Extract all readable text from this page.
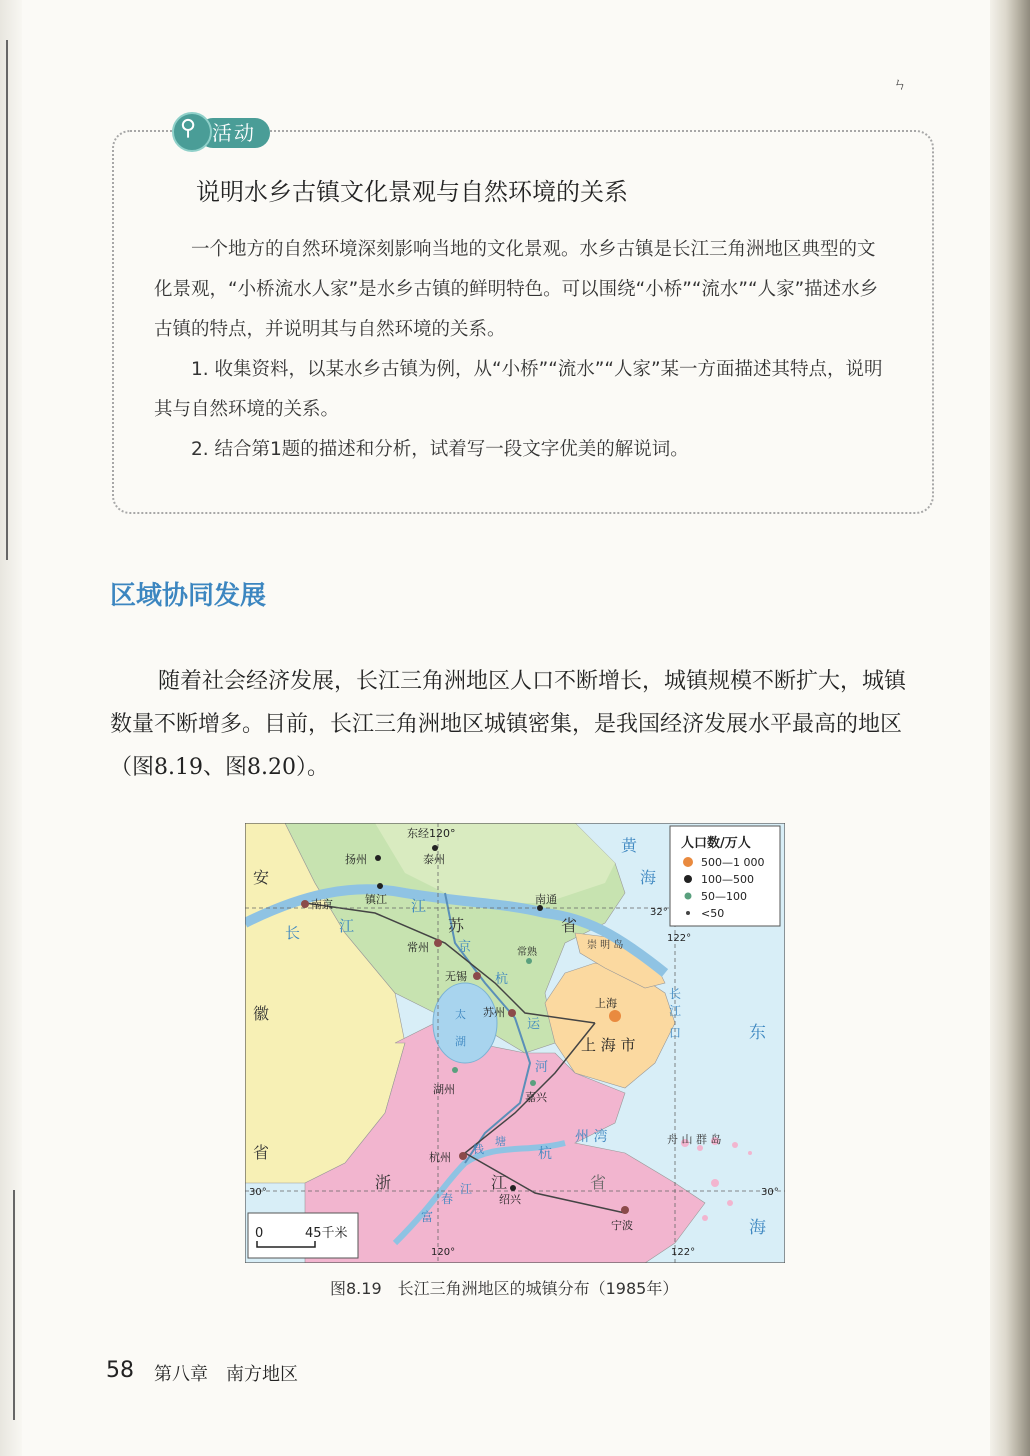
ㄣ
活动
⚲
说明水乡古镇文化景观与自然环境的关系
一个地方的自然环境深刻影响当地的文化景观。水乡古镇是长江三角洲地区典型的文化景观，“小桥流水人家”是水乡古镇的鲜明特色。可以围绕“小桥”“流水”“人家”描述水乡古镇的特点，并说明其与自然环境的关系。
1. 收集资料，以某水乡古镇为例，从“小桥”“流水”“人家”某一方面描述其特点，说明其与自然环境的关系。
2. 结合第1题的描述和分析，试着写一段文字优美的解说词。
区域协同发展
随着社会经济发展，长江三角洲地区人口不断增长，城镇规模不断扩大，城镇数量不断增多。目前，长江三角洲地区城镇密集，是我国经济发展水平最高的地区（图8.19、图8.20）。
人口数/万人
500—1 000
100—500
50—100
<50
东经120°
120°
122°
122°
32°
30°	30°
上海
南京	镇江
扬州	泰州
南通
常州
无锡
苏州
常熟
湖州
嘉兴
杭州
绍兴
宁波
安
徽
省
苏	省
浙	江	省
上 海 市
崇 明 岛
舟 山 群 岛
黄
海
东
海
州 湾
杭
长	江
江
京
杭
运
河
太
湖
长
江
口
富
春
江
钱
塘
0	45千米
图8.19　长江三角洲地区的城镇分布（1985年）
58 第八章 南方地区
